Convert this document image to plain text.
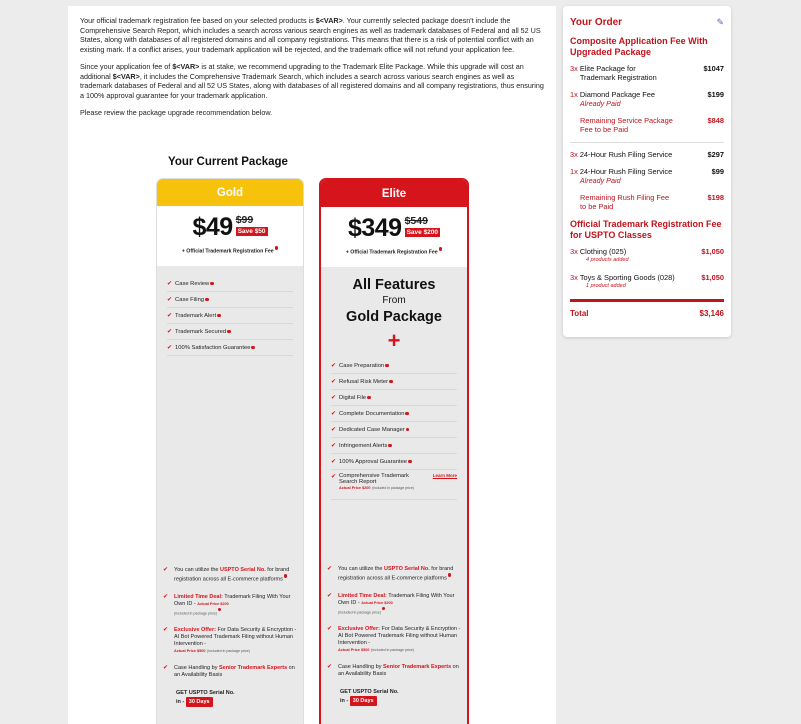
Your official trademark registration fee based on your selected products is $<VAR>. Your currently selected package doesn't include the Comprehensive Search Report, which includes a search across various search engines as well as trademark databases of Federal and all 52 US States, along with databases of all registered domains and all company registrations. This means that there is a risk of potential conflict with an existing mark. If a conflict arises, your trademark application will be rejected, and the trademark office will not refund your application fee.

Since your application fee of $<VAR> is at stake, we recommend upgrading to the Trademark Elite Package. While this upgrade will cost an additional $<VAR>, it includes the Comprehensive Trademark Search, which includes a search across various search engines as well as trademark databases of Federal and all 52 US States, along with databases of all registered domains and all company registrations, thus ensuring a 100% approval guarantee for your trademark application.

Please review the package upgrade recommendation below.

Your Current Package
Gold
$49 $99
Save $50
+ Official Trademark Registration Fee
✔ Case Review
✔ Case Filing
✔ Trademark Alert
✔ Trademark Secured
✔ 100% Satisfaction Guarantee
✔ You can utilize the USPTO Serial No. for brand registration across all E-commerce platforms
✔ Limited Time Deal: Trademark Filing With Your Own ID - Actual Price $200
(included in package price)
✔ Exclusive Offer: For Data Security & Encryption - AI Bot Powered Trademark Filing without Human Intervention -
Actual Price $500 (included in package price)
✔ Case Handling by Senior Trademark Experts on an Availability Basis
GET USPTO Serial No.
in - 30 Days
Elite
$349 $549
Save $200
+ Official Trademark Registration Fee
All Features
From
Gold Package
+
✔ Case Preparation
✔ Refusal Risk Meter
✔ Digital File
✔ Complete Documentation
✔ Dedicated Case Manager
✔ Infringement Alerts
✔ 100% Approval Guarantee
✔ Comprehensive Trademark Search Report
Actual Price $200 (included in package price)
Learn More
✔ You can utilize the USPTO Serial No. for brand registration across all E-commerce platforms
✔ Limited Time Deal: Trademark Filing With Your Own ID - Actual Price $200
(included in package price)
✔ Exclusive Offer: For Data Security & Encryption - AI Bot Powered Trademark Filing without Human Intervention -
Actual Price $500 (included in package price)
✔ Case Handling by Senior Trademark Experts on an Availability Basis
GET USPTO Serial No.
in - 30 Days
Your Order	✎
Composite Application Fee With Upgraded Package
3x Elite Package for Trademark Registration
$1047
1x Diamond Package Fee
Already Paid
$199
Remaining Service Package Fee to be Paid
$848
3x 24-Hour Rush Filing Service	$297
1x 24-Hour Rush Filing Service
Already Paid
$99
Remaining Rush Filing Fee to be Paid
$198
Official Trademark Registration Fee for USPTO Classes
3x Clothing (025)
4 products added
$1,050
3x Toys & Sporting Goods (028)
1 product added
$1,050
Total	$3,146
